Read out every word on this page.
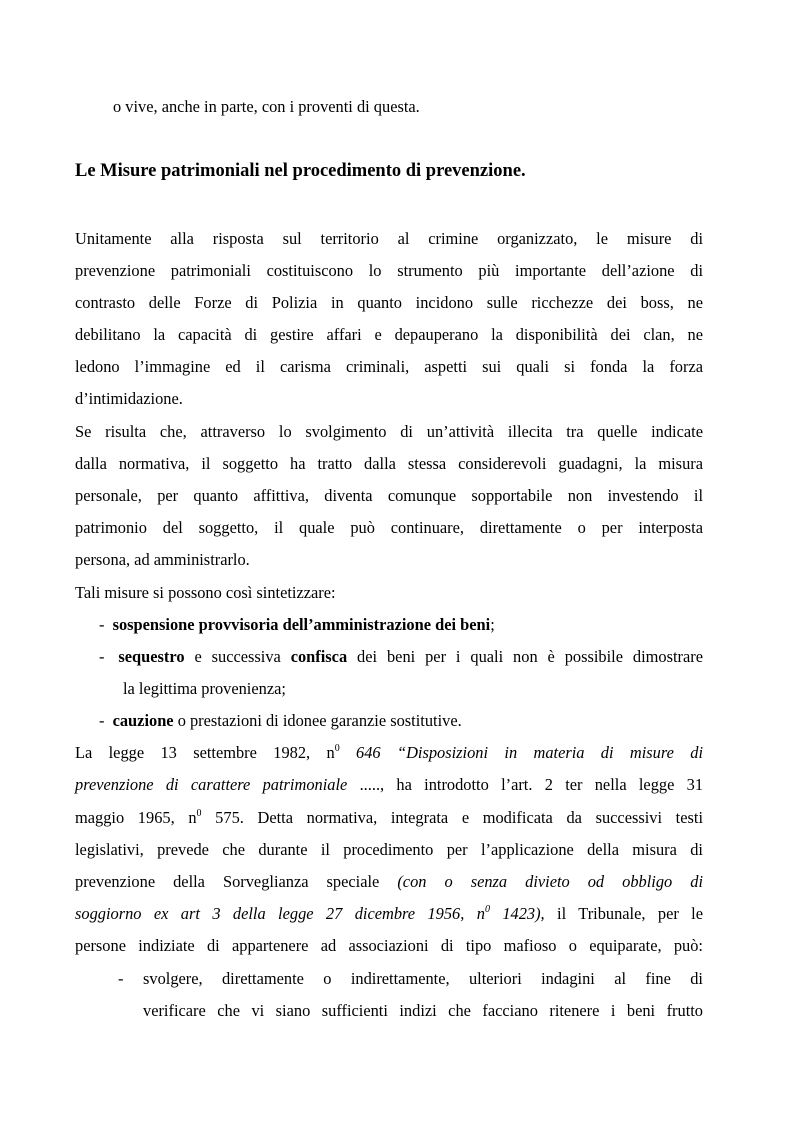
o vive, anche in parte, con i proventi di questa.
Le Misure patrimoniali nel procedimento di prevenzione.
Unitamente alla risposta sul territorio al crimine organizzato, le misure di
prevenzione patrimoniali costituiscono lo strumento più importante dell’azione di
contrasto delle Forze di Polizia in quanto incidono sulle ricchezze dei boss, ne
debilitano la capacità di gestire affari e depauperano la disponibilità dei clan, ne
ledono l’immagine ed il carisma criminali, aspetti sui quali si fonda la forza
d’intimidazione.
Se risulta che, attraverso lo svolgimento di un’attività illecita tra quelle indicate
dalla normativa, il soggetto ha tratto dalla stessa considerevoli guadagni, la misura
personale, per quanto affittiva, diventa comunque sopportabile non investendo il
patrimonio del soggetto, il quale può continuare, direttamente o per interposta
persona, ad amministrarlo.
Tali misure si possono così sintetizzare:
- sospensione provvisoria dell’amministrazione dei beni;
- sequestro e successiva confisca dei beni per i quali non è possibile dimostrare
la legittima provenienza;
- cauzione o prestazioni di idonee garanzie sostitutive.
La legge 13 settembre 1982, $n^0$ 646 “Disposizioni in materia di misure di
prevenzione di carattere patrimoniale ....., ha introdotto l’art. 2 ter nella legge 31
maggio 1965, $n^0$ 575. Detta normativa, integrata e modificata da successivi testi
legislativi, prevede che durante il procedimento per l’applicazione della misura di
prevenzione della Sorveglianza speciale (con o senza divieto od obbligo di
soggiorno ex art 3 della legge 27 dicembre 1956, $n^0$ 1423), il Tribunale, per le
persone indiziate di appartenere ad associazioni di tipo mafioso o equiparate, può:
- svolgere, direttamente o indirettamente, ulteriori indagini al fine di
verificare che vi siano sufficienti indizi che facciano ritenere i beni frutto
